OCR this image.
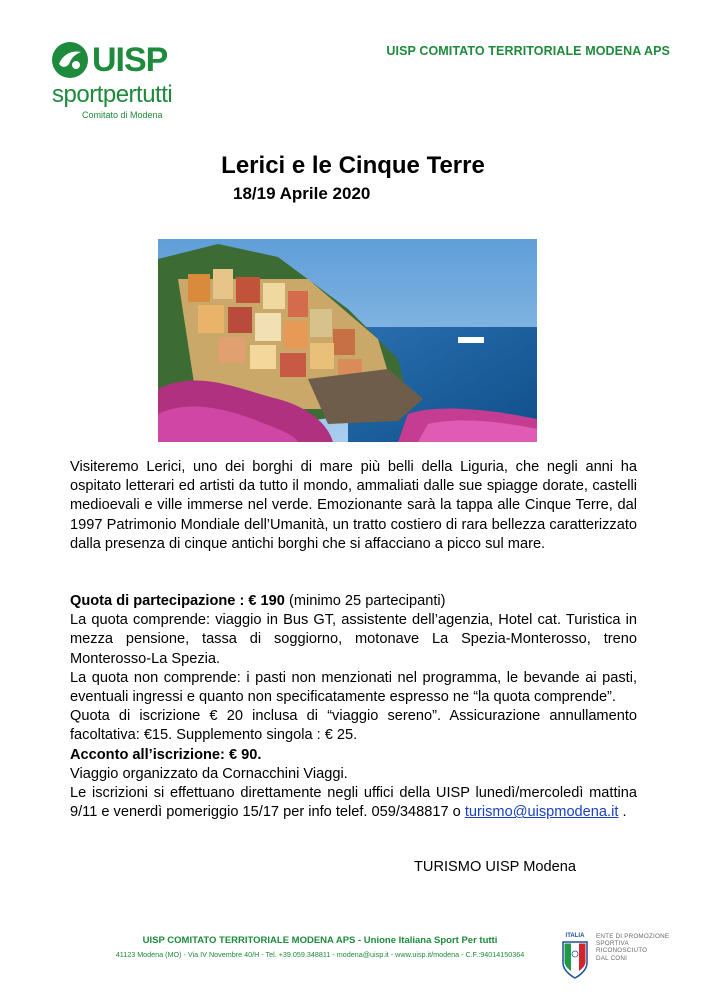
UISP
sportpertutti
Comitato di Modena
UISP COMITATO TERRITORIALE MODENA APS
Lerici e le Cinque Terre
18/19 Aprile 2020

Visiteremo Lerici, uno dei borghi di mare più belli della Liguria, che negli anni ha ospitato letterari ed artisti da tutto il mondo, ammaliati dalle sue spiagge dorate, castelli medioevali e ville immerse nel verde. Emozionante sarà la tappa alle Cinque Terre, dal 1997 Patrimonio Mondiale dell’Umanità, un tratto costiero di rara bellezza caratterizzato dalla presenza di cinque antichi borghi che si affacciano a picco sul mare.

Quota di partecipazione : € 190 (minimo 25 partecipanti)

La quota comprende: viaggio in Bus GT, assistente dell’agenzia, Hotel cat. Turistica in mezza pensione, tassa di soggiorno, motonave La Spezia-Monterosso, treno Monterosso-La Spezia.

La quota non comprende: i pasti non menzionati nel programma, le bevande ai pasti, eventuali ingressi e quanto non specificatamente espresso ne “la quota comprende”.

Quota di iscrizione € 20 inclusa di “viaggio sereno”. Assicurazione annullamento facoltativa: €15. Supplemento singola : € 25.

Acconto all’iscrizione: € 90.

Viaggio organizzato da Cornacchini Viaggi.

Le iscrizioni si effettuano direttamente negli uffici della UISP lunedì/mercoledì mattina 9/11 e venerdì pomeriggio 15/17 per info telef. 059/348817 o turismo@uispmodena.it .

TURISMO UISP Modena
UISP COMITATO TERRITORIALE MODENA APS - Unione Italiana Sport Per tutti
41123 Modena (MO) - Via IV Novembre 40/H - Tel. +39.059.348811 - modena@uisp.it - www.uisp.it/modena - C.F.:94014150364
ITALIA	ENTE DI PROMOZIONE
SPORTIVA
RICONOSCIUTO
DAL CONI
